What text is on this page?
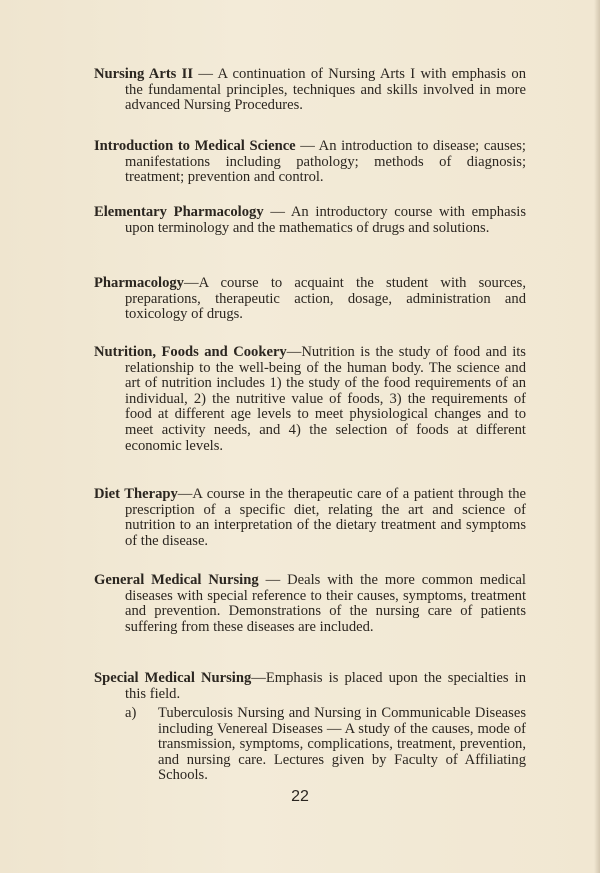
Nursing Arts II — A continuation of Nursing Arts I with emphasis on the fundamental principles, techniques and skills involved in more advanced Nursing Procedures.

Introduction to Medical Science — An introduction to disease; causes; manifestations including pathology; methods of diagnosis; treatment; prevention and control.

Elementary Pharmacology — An introductory course with emphasis upon terminology and the mathematics of drugs and solutions.

Pharmacology—A course to acquaint the student with sources, preparations, therapeutic action, dosage, administration and toxicology of drugs.

Nutrition, Foods and Cookery—Nutrition is the study of food and its relationship to the well-being of the human body. The science and art of nutrition includes 1) the study of the food requirements of an individual, 2) the nutritive value of foods, 3) the requirements of food at different age levels to meet physiological changes and to meet activity needs, and 4) the selection of foods at different economic levels.

Diet Therapy—A course in the therapeutic care of a patient through the prescription of a specific diet, relating the art and science of nutrition to an interpretation of the dietary treatment and symptoms of the disease.

General Medical Nursing — Deals with the more common medical diseases with special reference to their causes, symptoms, treatment and prevention. Demonstrations of the nursing care of patients suffering from these diseases are included.

Special Medical Nursing—Emphasis is placed upon the specialties in this field.

a) Tuberculosis Nursing and Nursing in Communicable Diseases including Venereal Diseases — A study of the causes, mode of transmission, symptoms, complications, treatment, prevention, and nursing care. Lectures given by Faculty of Affiliating Schools.
22
